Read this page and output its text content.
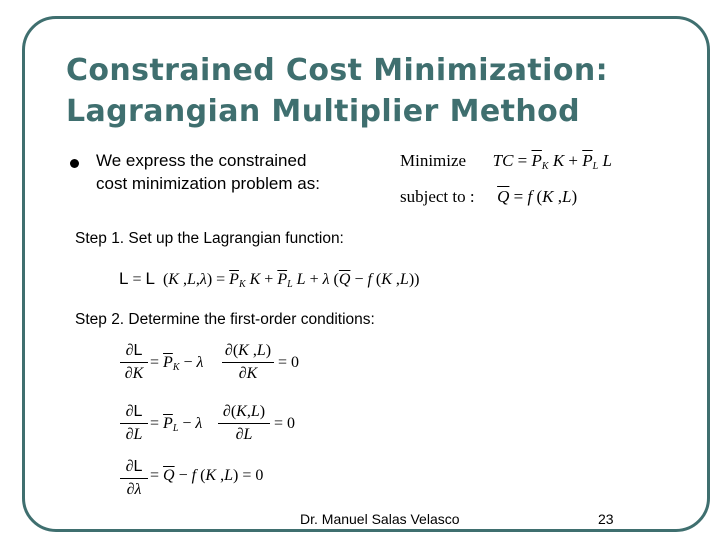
Constrained Cost Minimization:
Lagrangian Multiplier Method
We express the constrained
cost minimization problem as:
Minimize TC = $\overline{P}_K$ $K + \overline{P}_L$ L
subject to : $\overline{Q} = f$ (K ,L)
Step 1. Set up the Lagrangian function:
L = L  (K $,L,\lambda) = \overline{P}_K$ $K + \overline{P}_L$ L + λ ($\overline{Q} - f$ (K ,L))
Step 2. Determine the first-order conditions:
∂L
∂K
= $\overline{P}_K - \lambda$
∂(K ,L)
∂K
= 0
∂L
∂L
= $\overline{P}_L - \lambda$
∂(K,L)
∂L
= 0
∂L
∂λ
= $\overline{Q} - f$ (K ,L) = 0
Dr. Manuel Salas Velasco	23
